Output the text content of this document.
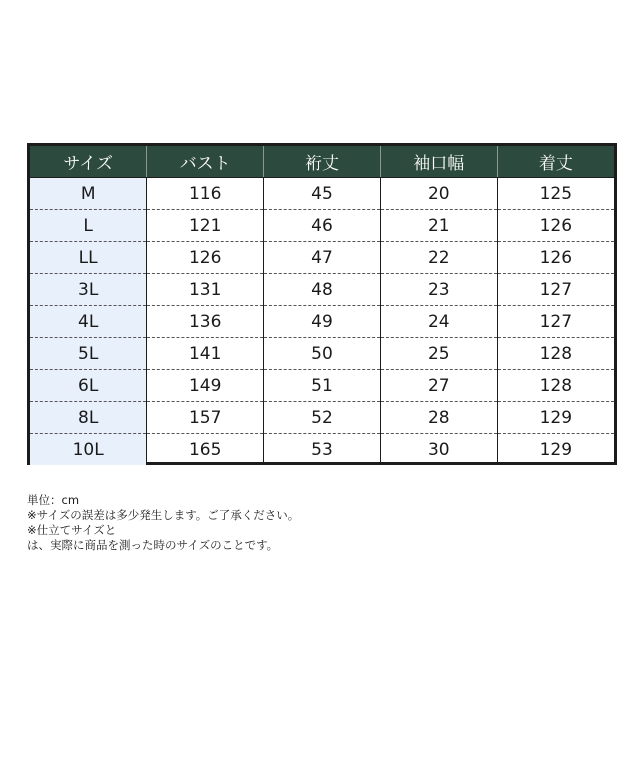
サイズ	バスト	裄丈	袖口幅	着丈
M	116	45	20	125
L	121	46	21	126
LL	126	47	22	126
3L	131	48	23	127
4L	136	49	24	127
5L	141	50	25	128
6L	149	51	27	128
8L	157	52	28	129
10L	165	53	30	129
単位：cm
※サイズの誤差は多少発生します。ご了承ください。
※仕立てサイズと
は、実際に商品を測った時のサイズのことです。
